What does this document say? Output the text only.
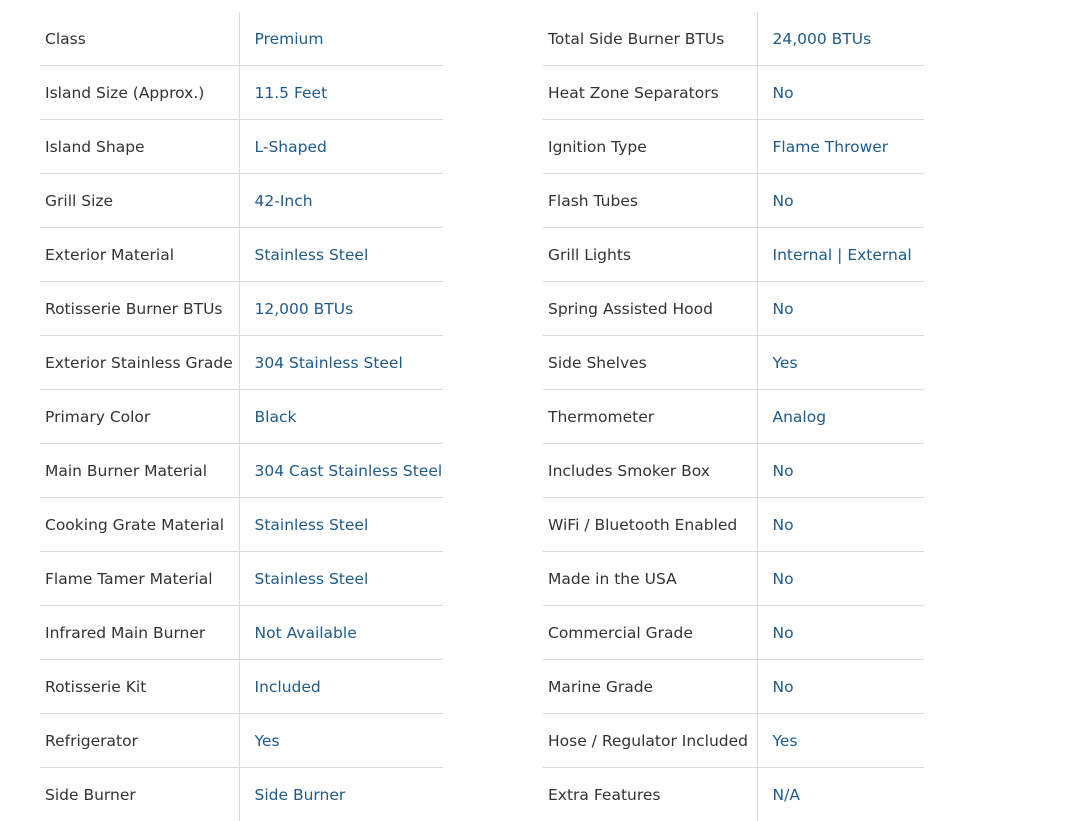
Class	Premium
Island Size (Approx.)	11.5 Feet
Island Shape	L-Shaped
Grill Size	42-Inch
Exterior Material	Stainless Steel
Rotisserie Burner BTUs	12,000 BTUs
Exterior Stainless Grade	304 Stainless Steel
Primary Color	Black
Main Burner Material	304 Cast Stainless Steel
Cooking Grate Material	Stainless Steel
Flame Tamer Material	Stainless Steel
Infrared Main Burner	Not Available
Rotisserie Kit	Included
Refrigerator	Yes
Side Burner	Side Burner
Total Side Burner BTUs	24,000 BTUs
Heat Zone Separators	No
Ignition Type	Flame Thrower
Flash Tubes	No
Grill Lights	Internal | External
Spring Assisted Hood	No
Side Shelves	Yes
Thermometer	Analog
Includes Smoker Box	No
WiFi / Bluetooth Enabled	No
Made in the USA	No
Commercial Grade	No
Marine Grade	No
Hose / Regulator Included	Yes
Extra Features	N/A
